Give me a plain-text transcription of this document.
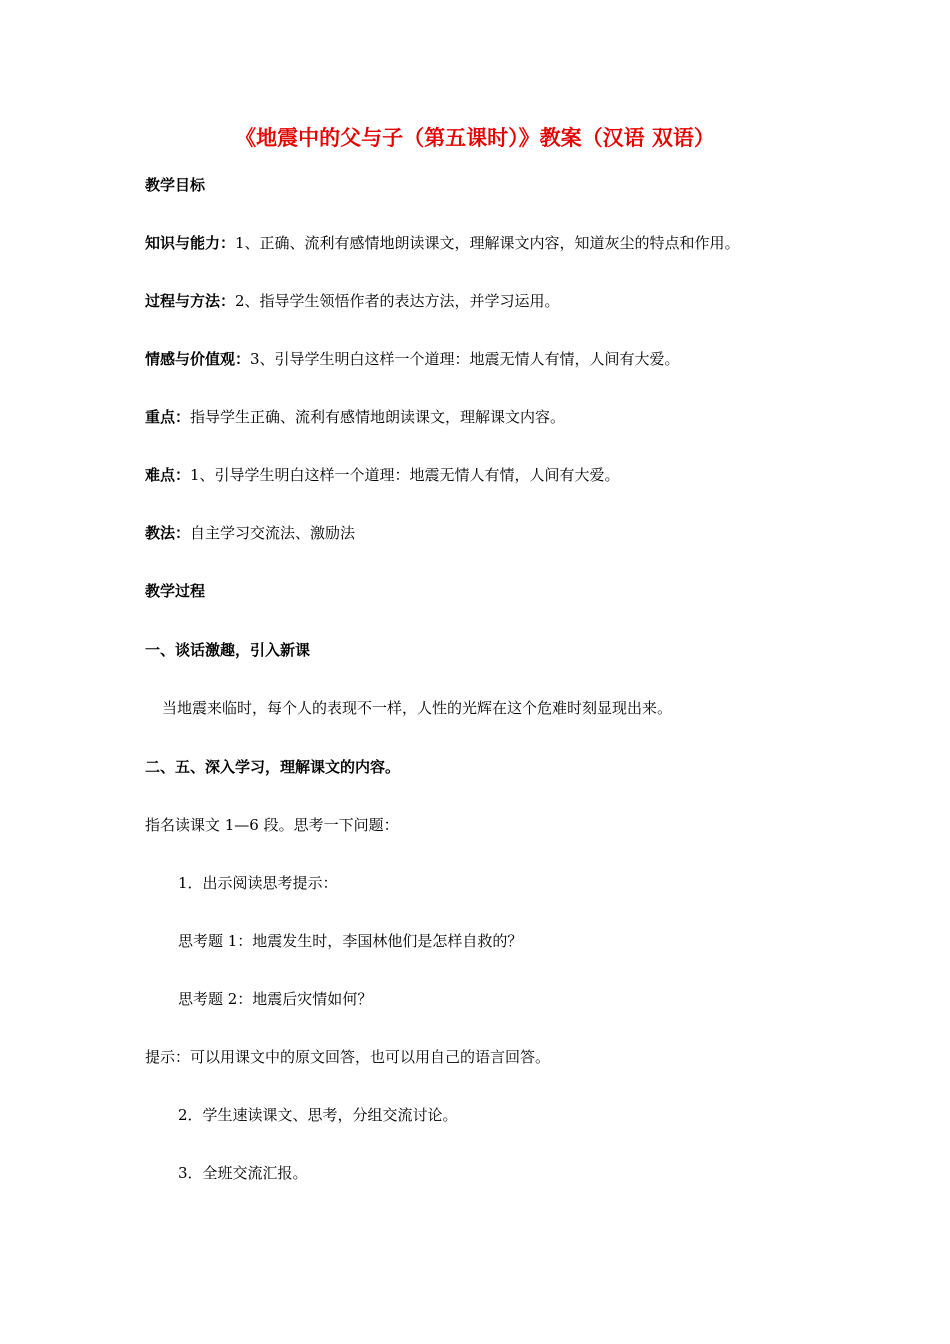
《地震中的父与子（第五课时）》教案（汉语 双语）
教学目标
知识与能力：1、正确、流利有感情地朗读课文，理解课文内容，知道灰尘的特点和作用。
过程与方法：2、指导学生领悟作者的表达方法，并学习运用。
情感与价值观：3、引导学生明白这样一个道理：地震无情人有情，人间有大爱。
重点：指导学生正确、流利有感情地朗读课文，理解课文内容。
难点：1、引导学生明白这样一个道理：地震无情人有情，人间有大爱。
教法：自主学习交流法、激励法
教学过程
一、谈话激趣，引入新课
当地震来临时，每个人的表现不一样，人性的光辉在这个危难时刻显现出来。
二、五、深入学习，理解课文的内容。
指名读课文 1—6 段。思考一下问题：
1．出示阅读思考提示：
思考题 1：地震发生时，李国林他们是怎样自救的？
思考题 2：地震后灾情如何？
提示：可以用课文中的原文回答，也可以用自己的语言回答。
2．学生速读课文、思考，分组交流讨论。
3．全班交流汇报。
